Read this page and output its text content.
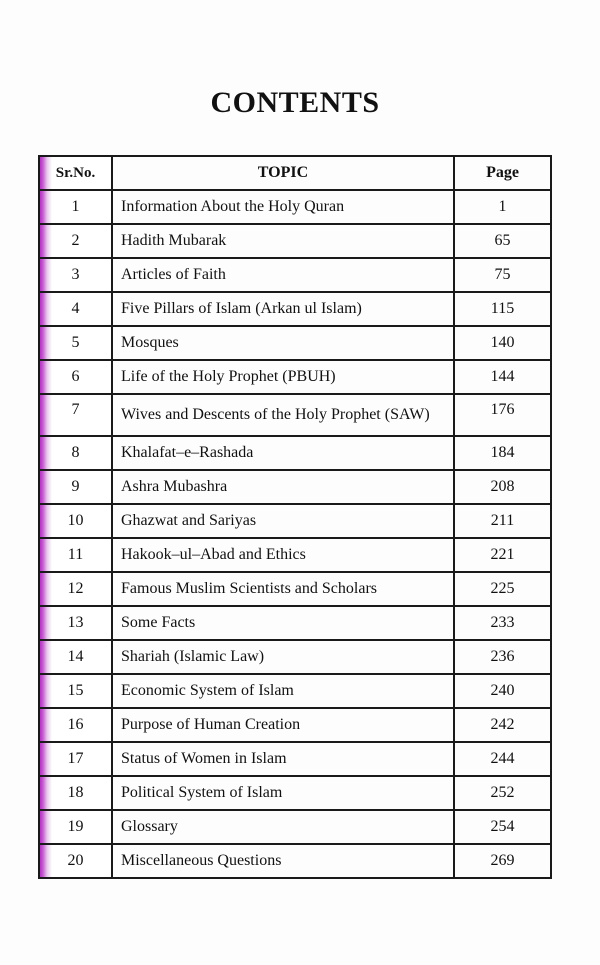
CONTENTS
Sr.No.	TOPIC	Page
1	Information About the Holy Quran	1
2	Hadith Mubarak	65
3	Articles of Faith	75
4	Five Pillars of Islam (Arkan ul Islam)	115
5	Mosques	140
6	Life of the Holy Prophet (PBUH)	144
7	Wives and Descents of the Holy Prophet (SAW)	176
8	Khalafat–e–Rashada	184
9	Ashra Mubashra	208
10	Ghazwat and Sariyas	211
11	Hakook–ul–Abad and Ethics	221
12	Famous Muslim Scientists and Scholars	225
13	Some Facts	233
14	Shariah (Islamic Law)	236
15	Economic System of Islam	240
16	Purpose of Human Creation	242
17	Status of Women in Islam	244
18	Political System of Islam	252
19	Glossary	254
20	Miscellaneous Questions	269
